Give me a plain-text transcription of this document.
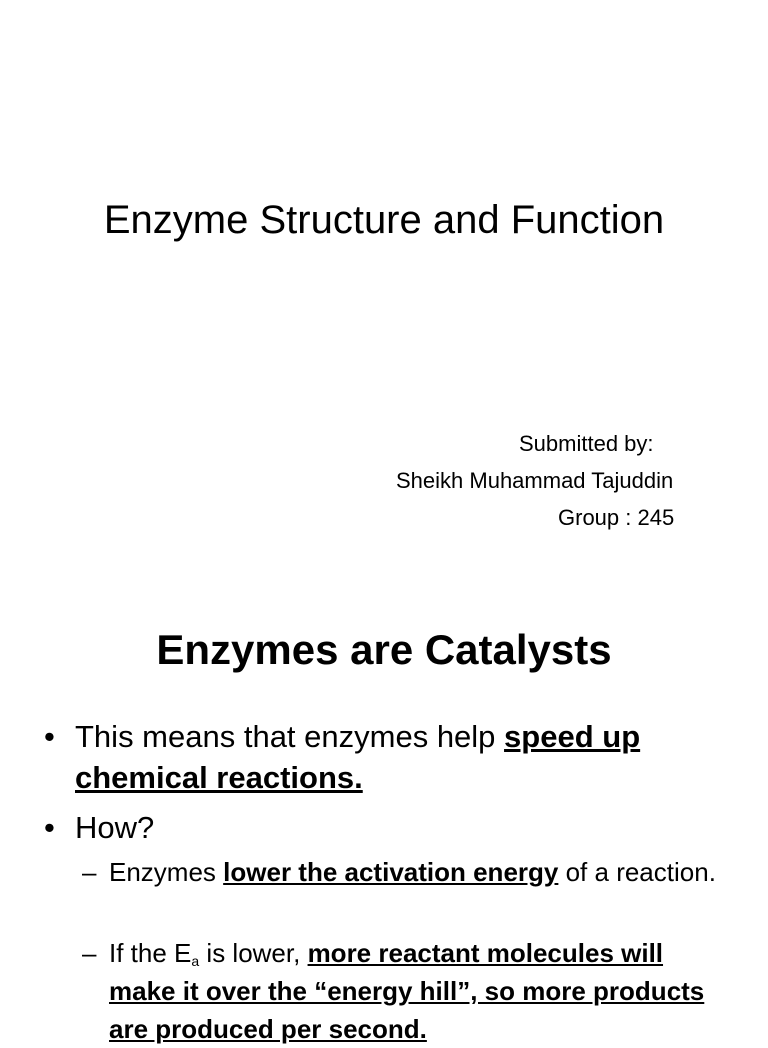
Enzyme Structure and Function
Submitted by:
Sheikh Muhammad Tajuddin
Group : 245
Enzymes are Catalysts
• This means that enzymes help speed up chemical reactions.
• How?
– Enzymes lower the activation energy of a reaction.
– If the $E_a$ is lower, more reactant molecules will make it over the “energy hill”, so more products are produced per second.
